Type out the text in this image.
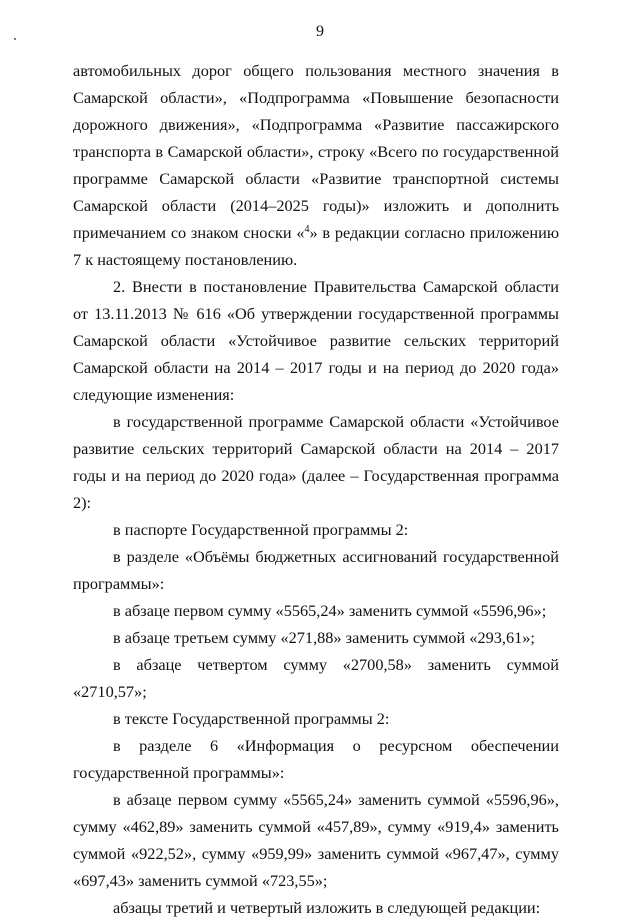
9

автомобильных дорог общего пользования местного значения в Самарской области», «Подпрограмма «Повышение безопасности дорожного движения», «Подпрограмма «Развитие пассажирского транспорта в Самарской области», строку «Всего по государственной программе Самарской области «Развитие транспортной системы Самарской области (2014–2025 годы)» изложить и дополнить примечанием со знаком сноски «$^4$» в редакции согласно приложению 7 к настоящему постановлению.

2. Внести в постановление Правительства Самарской области от 13.11.2013 № 616 «Об утверждении государственной программы Самарской области «Устойчивое развитие сельских территорий Самарской области на 2014 – 2017 годы и на период до 2020 года» следующие изменения:

в государственной программе Самарской области «Устойчивое развитие сельских территорий Самарской области на 2014 – 2017 годы и на период до 2020 года» (далее – Государственная программа 2):

в паспорте Государственной программы 2:

в разделе «Объёмы бюджетных ассигнований государственной программы»:

в абзаце первом сумму «5565,24» заменить суммой «5596,96»;

в абзаце третьем сумму «271,88» заменить суммой «293,61»;

в абзаце четвертом сумму «2700,58» заменить суммой «2710,57»;

в тексте Государственной программы 2:

в разделе 6 «Информация о ресурсном обеспечении государственной программы»:

в абзаце первом сумму «5565,24» заменить суммой «5596,96», сумму «462,89» заменить суммой «457,89», сумму «919,4» заменить суммой «922,52», сумму «959,99» заменить суммой «967,47», сумму «697,43» заменить суммой «723,55»;

абзацы третий и четвертый изложить в следующей редакции:
